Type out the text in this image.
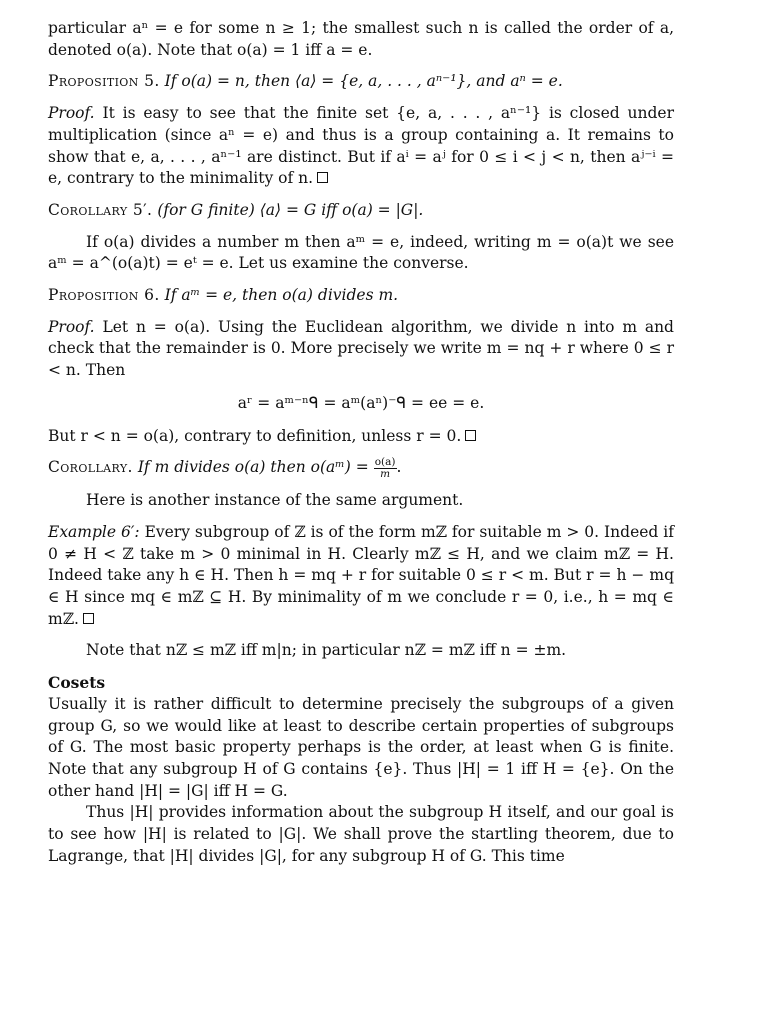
particular aⁿ = e for some n ≥ 1; the smallest such n is called the order of a, denoted o(a). Note that o(a) = 1 iff a = e.

Proposition 5. If o(a) = n, then ⟨a⟩ = {e, a, . . . , aⁿ⁻¹}, and aⁿ = e.

Proof. It is easy to see that the finite set {e, a, . . . , aⁿ⁻¹} is closed under multiplication (since aⁿ = e) and thus is a group containing a. It remains to show that e, a, . . . , aⁿ⁻¹ are distinct. But if aⁱ = aʲ for 0 ≤ i < j < n, then aʲ⁻ⁱ = e, contrary to the minimality of n.

Corollary 5′. (for G finite) ⟨a⟩ = G iff o(a) = |G|.

If o(a) divides a number m then aᵐ = e, indeed, writing m = o(a)t we see aᵐ = a^(o(a)t) = eᵗ = e. Let us examine the converse.

Proposition 6. If aᵐ = e, then o(a) divides m.

Proof. Let n = o(a). Using the Euclidean algorithm, we divide n into m and check that the remainder is 0. More precisely we write m = nq + r where 0 ≤ r < n. Then

aʳ = aᵐ⁻ⁿᑫ = aᵐ(aⁿ)⁻ᑫ = ee = e.

But r < n = o(a), contrary to definition, unless r = 0.

Corollary. If m divides o(a) then o(aᵐ) = $\frac{o(a)}{m}$ .

Here is another instance of the same argument.

Example 6′: Every subgroup of ℤ is of the form mℤ for suitable m > 0. Indeed if 0 ≠ H < ℤ take m > 0 minimal in H. Clearly mℤ ≤ H, and we claim mℤ = H. Indeed take any h ∈ H. Then h = mq + r for suitable 0 ≤ r < m. But r = h − mq ∈ H since mq ∈ mℤ ⊆ H. By minimality of m we conclude r = 0, i.e., h = mq ∈ mℤ.

Note that nℤ ≤ mℤ iff m|n; in particular nℤ = mℤ iff n = ±m.

Cosets

Usually it is rather difficult to determine precisely the subgroups of a given group G, so we would like at least to describe certain properties of subgroups of G. The most basic property perhaps is the order, at least when G is finite. Note that any subgroup H of G contains {e}. Thus |H| = 1 iff H = {e}. On the other hand |H| = |G| iff H = G.

Thus |H| provides information about the subgroup H itself, and our goal is to see how |H| is related to |G|. We shall prove the startling theorem, due to Lagrange, that |H| divides |G|, for any subgroup H of G. This time
